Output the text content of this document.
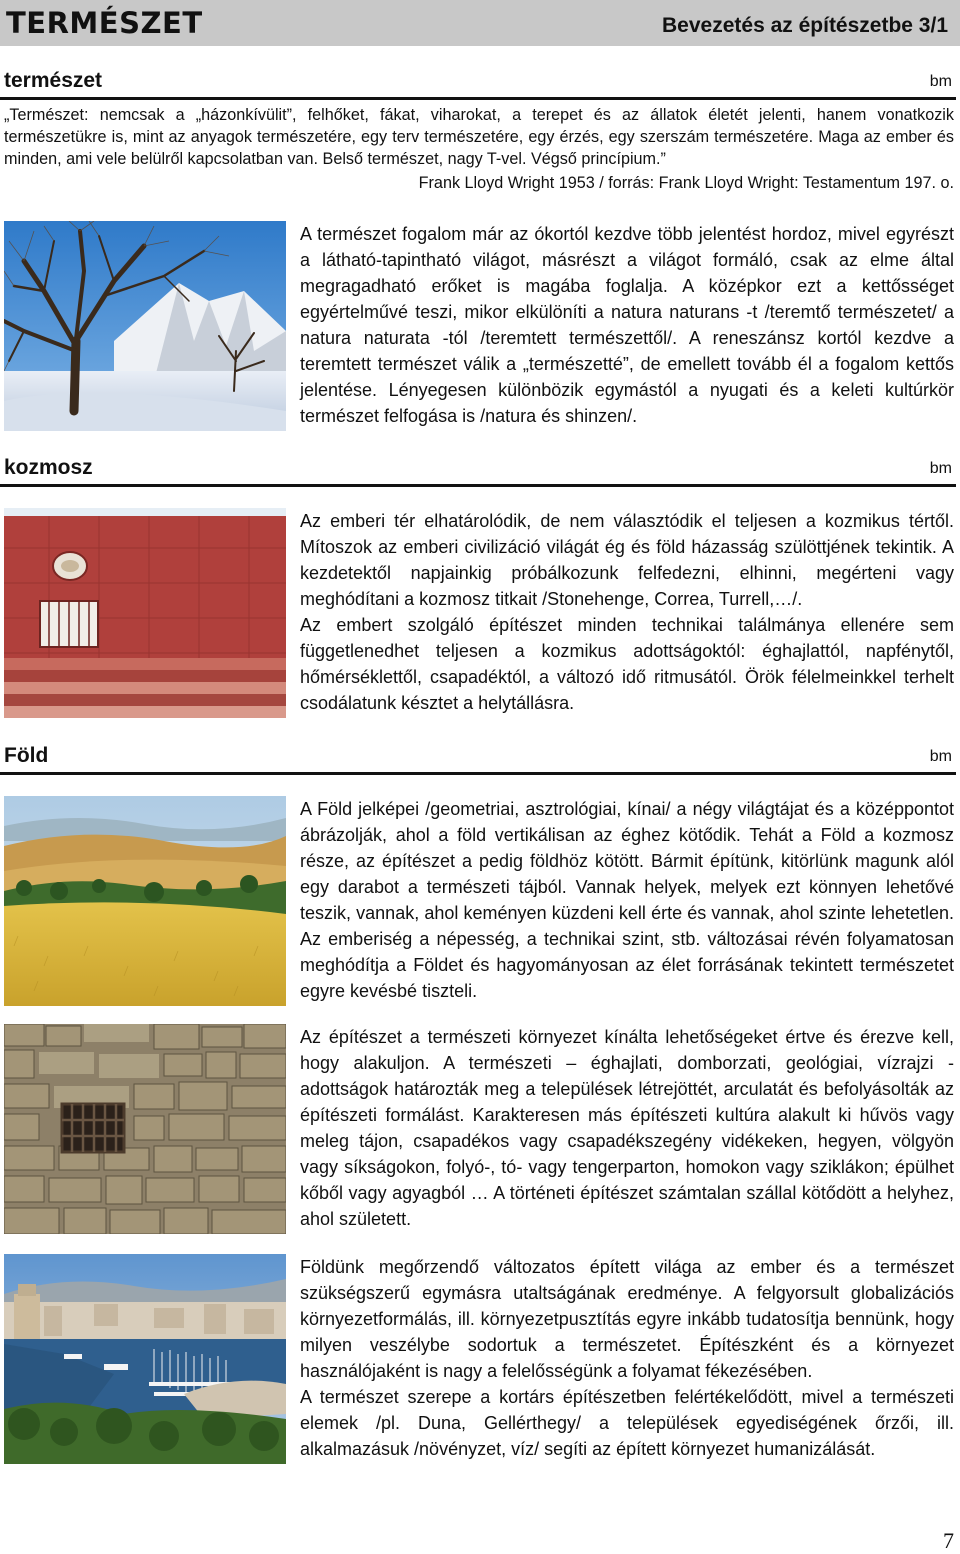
TERMÉSZET	Bevezetés az építészetbe 3/1
természet	bm
„Természet: nemcsak a „házonkívülit”, felhőket, fákat, viharokat, a terepet és az állatok életét jelenti, hanem vonatkozik természetükre is, mint az anyagok természetére, egy terv természetére, egy érzés, egy szerszám természetére. Maga az ember és minden, ami vele belülről kapcsolatban van. Belső természet, nagy T-vel. Végső princípium.”
Frank Lloyd Wright 1953 / forrás: Frank Lloyd Wright: Testamentum 197. o.
A természet fogalom már az ókortól kezdve több jelentést hordoz, mivel egyrészt a látható-tapintható világot, másrészt a világot formáló, csak az elme által megragadható erőket is magába foglalja. A középkor ezt a kettősséget egyértelművé teszi, mikor elkülöníti a natura naturans -t /teremtő természetet/ a natura naturata -tól /teremtett természettől/. A reneszánsz kortól kezdve a teremtett természet válik a „természetté”, de emellett tovább él a fogalom kettős jelentése. Lényegesen különbözik egymástól a nyugati és a keleti kultúrkör természet felfogása is /natura és shinzen/.
kozmosz	bm

Az emberi tér elhatárolódik, de nem választódik el teljesen a kozmikus tértől. Mítoszok az emberi civilizáció világát ég és föld házasság szülöttjének tekintik. A kezdetektől napjainkig próbálkozunk felfedezni, elhinni, megérteni vagy meghódítani a kozmosz titkait /Stonehenge, Correa, Turrell,…/.

Az embert szolgáló építészet minden technikai találmánya ellenére sem függetlenedhet teljesen a kozmikus adottságoktól: éghajlattól, napfénytől, hőmérséklettől, csapadéktól, a változó idő ritmusától. Örök félelmeinkkel terhelt csodálatunk késztet a helytállásra.

Föld	bm
A Föld jelképei /geometriai, asztrológiai, kínai/ a négy világtájat és a középpontot ábrázolják, ahol a föld vertikálisan az éghez kötődik. Tehát a Föld a kozmosz része, az építészet a pedig földhöz kötött. Bármit építünk, kitörlünk magunk alól egy darabot a természeti tájból. Vannak helyek, melyek ezt könnyen lehetővé teszik, vannak, ahol keményen küzdeni kell érte és vannak, ahol szinte lehetetlen. Az emberiség a népesség, a technikai szint, stb. változásai révén folyamatosan meghódítja a Földet és hagyományosan az élet forrásának tekintett természetet egyre kevésbé tiszteli.
Az építészet a természeti környezet kínálta lehetőségeket értve és érezve kell, hogy alakuljon. A természeti – éghajlati, domborzati, geológiai, vízrajzi - adottságok határozták meg a települések létrejöttét, arculatát és befolyásolták az építészeti formálást. Karakteresen más építészeti kultúra alakult ki hűvös vagy meleg tájon, csapadékos vagy csapadékszegény vidékeken, hegyen, völgyön vagy síkságokon, folyó-, tó- vagy tengerparton, homokon vagy sziklákon; épülhet kőből vagy agyagból … A történeti építészet számtalan szállal kötődött a helyhez, ahol született.

Földünk megőrzendő változatos épített világa az ember és a természet szükségszerű egymásra utaltságának eredménye. A felgyorsult globalizációs környezetformálás, ill. környezetpusztítás egyre inkább tudatosítja bennünk, hogy milyen veszélybe sodortuk a természetet. Építészként és a környezet használójaként is nagy a felelősségünk a folyamat fékezésében.

A természet szerepe a kortárs építészetben felértékelődött, mivel a természeti elemek /pl. Duna, Gellérthegy/ a települések egyediségének őrzői, ill. alkalmazásuk /növényzet, víz/ segíti az épített környezet humanizálását.

7
